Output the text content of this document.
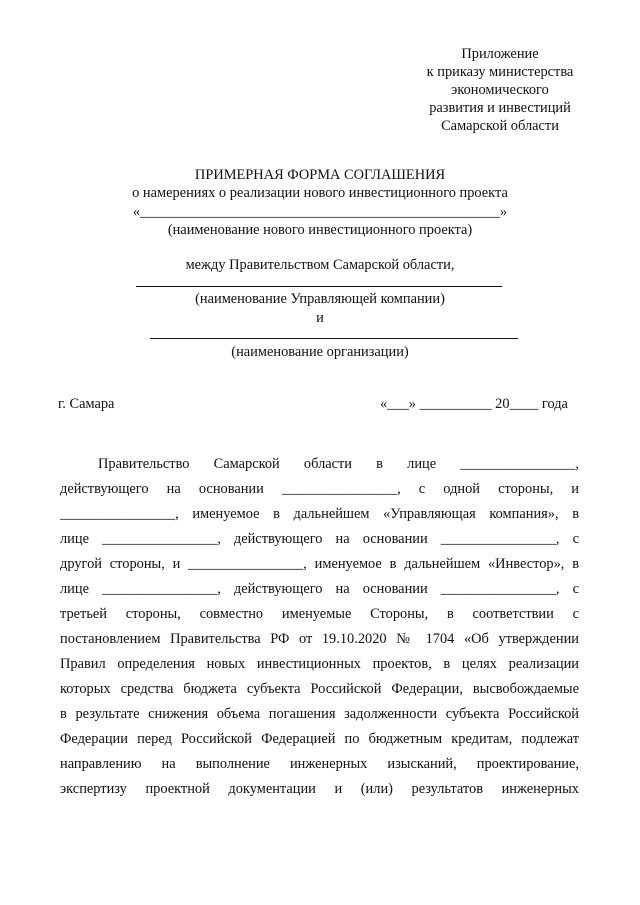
Приложение
к приказу министерства
экономического
развития и инвестиций
Самарской области
ПРИМЕРНАЯ ФОРМА СОГЛАШЕНИЯ
о намерениях о реализации нового инвестиционного проекта
«__________________________________________________»
(наименование нового инвестиционного проекта)
между Правительством Самарской области,
(наименование Управляющей компании)
и
(наименование организации)
г. Самара	«___» __________ 20____ года
Правительство Самарской области в лице ________________,
действующего на основании ________________, с одной стороны, и
________________, именуемое в дальнейшем «Управляющая компания», в
лице ________________, действующего на основании ________________, с
другой стороны, и ________________, именуемое в дальнейшем «Инвестор», в
лице ________________, действующего на основании ________________, с
третьей стороны, совместно именуемые Стороны, в соответствии с
постановлением Правительства РФ от 19.10.2020 № 1704 «Об утверждении
Правил определения новых инвестиционных проектов, в целях реализации
которых средства бюджета субъекта Российской Федерации, высвобождаемые
в результате снижения объема погашения задолженности субъекта Российской
Федерации перед Российской Федерацией по бюджетным кредитам, подлежат
направлению на выполнение инженерных изысканий, проектирование,
экспертизу проектной документации и (или) результатов инженерных
